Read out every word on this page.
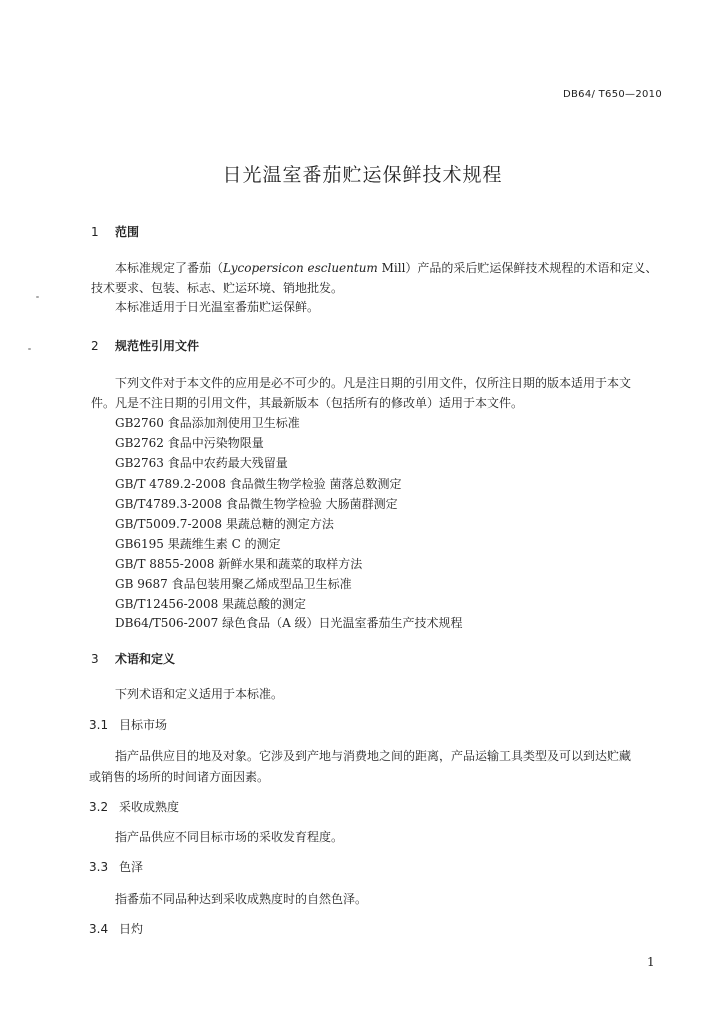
DB64/ T650—2010
日光温室番茄贮运保鲜技术规程
1 范围
本标准规定了番茄（Lycopersicon escluentum Mill）产品的采后贮运保鲜技术规程的术语和定义、
技术要求、包装、标志、贮运环境、销地批发。
本标准适用于日光温室番茄贮运保鲜。
2 规范性引用文件
下列文件对于本文件的应用是必不可少的。凡是注日期的引用文件，仅所注日期的版本适用于本文
件。凡是不注日期的引用文件，其最新版本（包括所有的修改单）适用于本文件。
GB2760 食品添加剂使用卫生标准
GB2762 食品中污染物限量
GB2763 食品中农药最大残留量
GB/T 4789.2-2008 食品微生物学检验 菌落总数测定
GB/T4789.3-2008 食品微生物学检验 大肠菌群测定
GB/T5009.7-2008 果蔬总糖的测定方法
GB6195 果蔬维生素 C 的测定
GB/T 8855-2008 新鲜水果和蔬菜的取样方法
GB 9687 食品包装用聚乙烯成型品卫生标准
GB/T12456-2008 果蔬总酸的测定
DB64/T506-2007 绿色食品（A 级）日光温室番茄生产技术规程
3 术语和定义
下列术语和定义适用于本标准。
3.1 目标市场
指产品供应目的地及对象。它涉及到产地与消费地之间的距离，产品运输工具类型及可以到达贮藏
或销售的场所的时间诸方面因素。
3.2 采收成熟度
指产品供应不同目标市场的采收发育程度。
3.3 色泽
指番茄不同品种达到采收成熟度时的自然色泽。
3.4 日灼
1
